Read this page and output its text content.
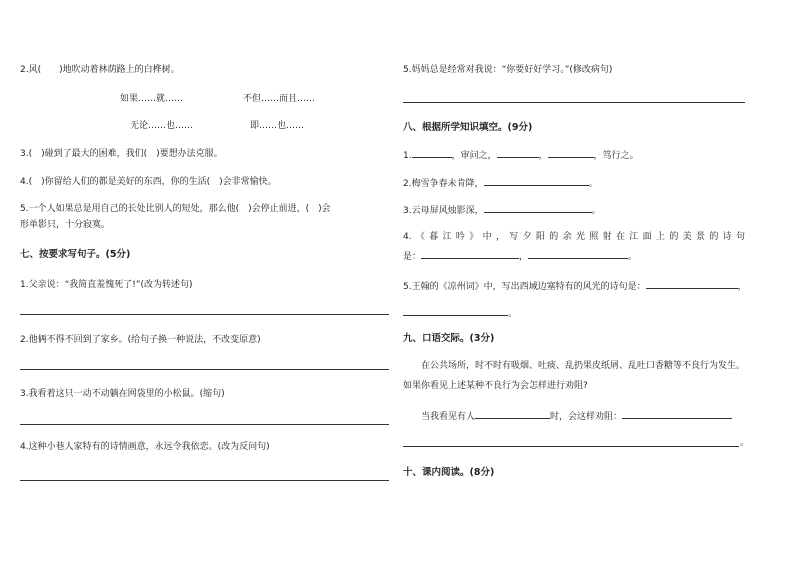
2.风(　　)地吹动着林荫路上的白桦树。
如果……就……	不但……而且……
无论……也……	即……也……
3.(　)碰到了最大的困难，我们(　)要想办法克服。
4.(　)你留给人们的都是美好的东西，你的生活(　)会非常愉快。
5.一个人如果总是用自己的长处比别人的短处，那么他(　)会停止前进，(　)会
形单影只，十分寂寞。
七、按要求写句子。(5分)
1.父亲说：“我简直羞愧死了!”(改为转述句)
2.他俩不得不回到了家乡。(给句子换一种说法，不改变原意)
3.我看着这只一动不动躺在网袋里的小松鼠。(缩句)
4.这种小巷人家特有的诗情画意，永远令我依恋。(改为反问句)
5.妈妈总是经常对我说：“你要好好学习。”(修改病句)
八、根据所学知识填空。(9分)
1.	，审问之，	，	，笃行之。
2.梅雪争春未肯降，	。
3.云母屏风烛影深，	。
4.《暮江吟》中，写夕阳的余光照射在江面上的美景的诗句
是：	，	。
5.王翰的《凉州词》中，写出西域边塞特有的风光的诗句是：	，
。
九、口语交际。(3分)
在公共场所，时不时有吸烟、吐痰、乱扔果皮纸屑、乱吐口香糖等不良行为发生。
如果你看见上述某种不良行为会怎样进行劝阻?
当我看见有人	时，会这样劝阻：
。
十、课内阅读。(8分)
